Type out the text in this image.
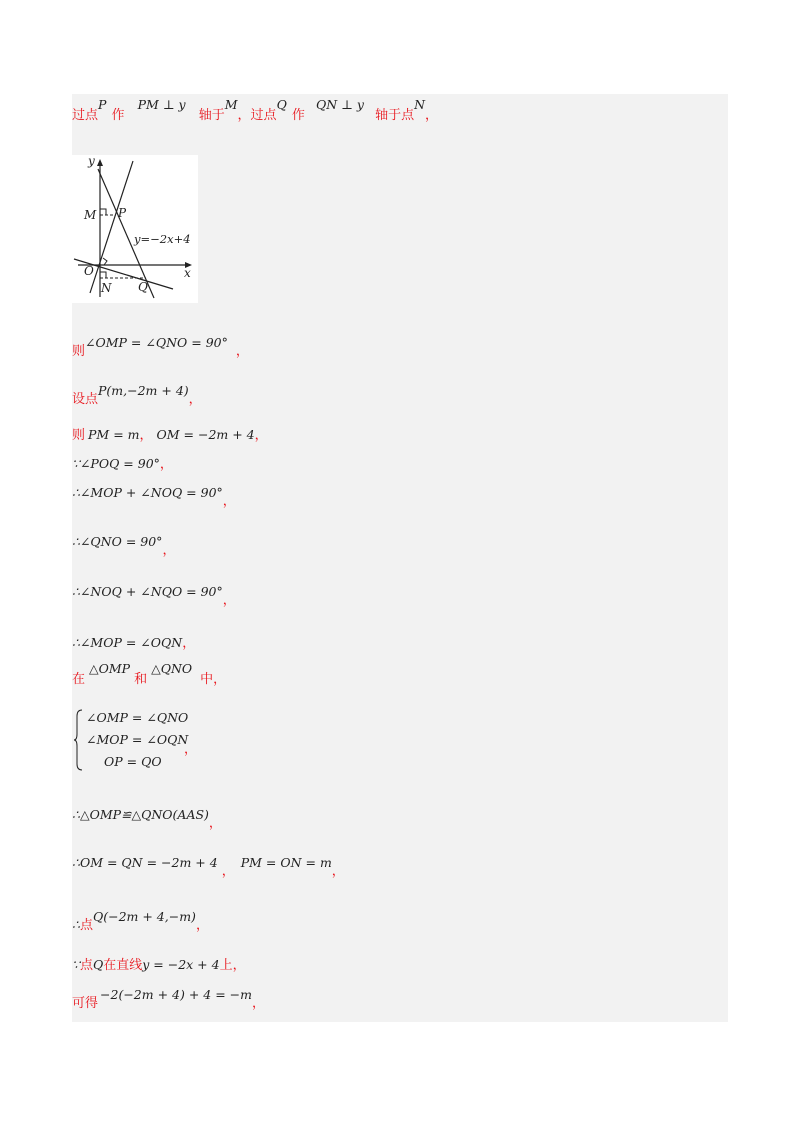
过点$^P$ 作 $^{PM \perp y}$ 轴于$^M$，过点$^Q$ 作 $^{QN \perp y}$ 轴于点$^N$，
y
x
M P
y=−2x+4
O
N Q
$_则$∠OMP = ∠QNO = $90^\circ_,$
$_{设点}P(m,-2m + 4)_,$
则 PM = m， OM = −2m + 4，
∵∠POQ = 90°，
∴∠MOP + ∠NOQ = $90^\circ_,$
∴∠QNO = $90^\circ_,$
∴∠NOQ + ∠NQO = $90^\circ_,$
∴∠MOP = ∠OQN，
在$^{\triangle OMP}$和$^{\triangle QNO}$中，
∠OMP = ∠QNO
∠MOP = ∠OQN
OP = QO
，
$\therefore\triangle OMP≌\triangle QNO(AAS)_,$
∴OM = QN = $-2m + 4_,PM$ = ON = $m_,$
$_{\therefore 点}Q(-2m + 4,-m)_,$
∵点Q在直线y = −2x + 4上，
$_{可得}-2(-2m + 4) + 4 = -m_,$
